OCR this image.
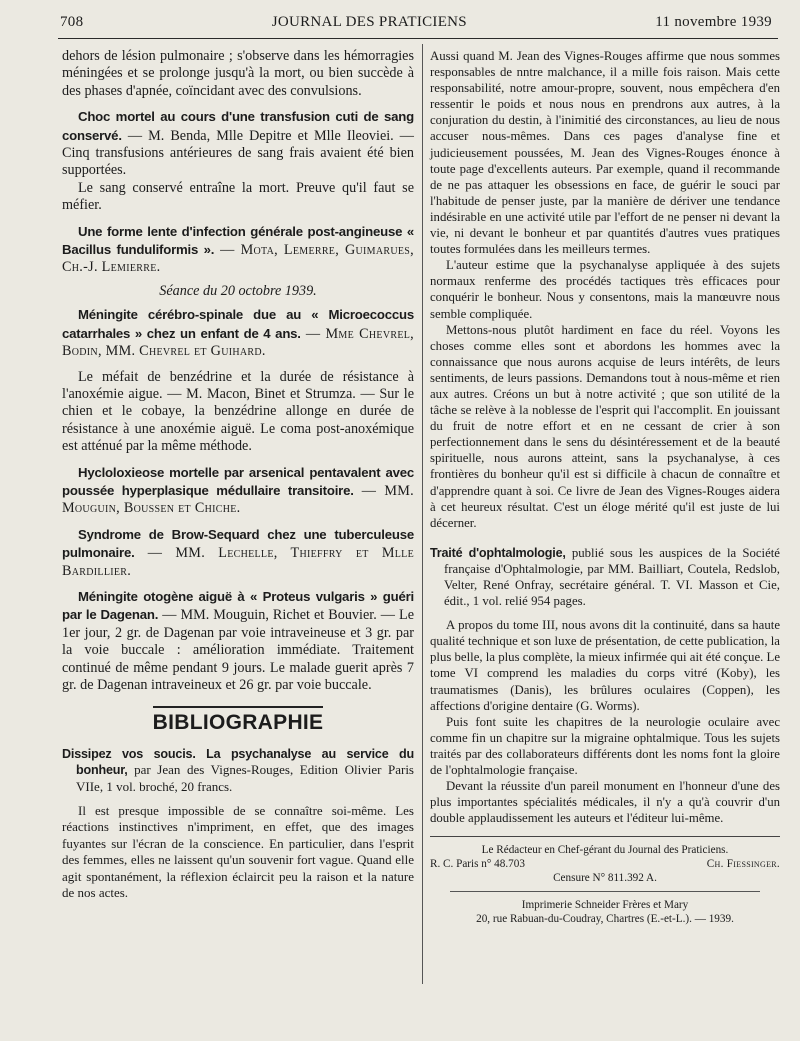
708	JOURNAL DES PRATICIENS	11 novembre 1939

dehors de lésion pulmonaire ; s'observe dans les hémorragies méningées et se prolonge jusqu'à la mort, ou bien succède à des phases d'apnée, coïncidant avec des convulsions.

Choc mortel au cours d'une transfusion cuti de sang conservé. — M. Benda, Mlle Depitre et Mlle Ileoviei. — Cinq transfusions antérieures de sang frais avaient été bien supportées.

Le sang conservé entraîne la mort. Preuve qu'il faut se méfier.

Une forme lente d'infection générale post-angineuse « Bacillus funduliformis ». — Mota, Lemerre, Guimarues, Ch.-J. Lemierre.

Séance du 20 octobre 1939.

Méningite cérébro-spinale due au « Microecoccus catarrhales » chez un enfant de 4 ans. — Mme Chevrel, Bodin, MM. Chevrel et Guihard.

Le méfait de benzédrine et la durée de résistance à l'anoxémie aigue. — M. Macon, Binet et Strumza. — Sur le chien et le cobaye, la benzédrine allonge en durée de résistance à une anoxémie aiguë. Le coma post-anoxémique est atténué par la même méthode.

Hycloloxieose mortelle par arsenical pentavalent avec poussée hyperplasique médullaire transitoire. — MM. Mouguin, Boussen et Chiche.

Syndrome de Brow-Sequard chez une tuberculeuse pulmonaire. — MM. Lechelle, Thieffry et Mlle Bardillier.

Méningite otogène aiguë à « Proteus vulgaris » guéri par le Dagenan. — MM. Mouguin, Richet et Bouvier. — Le 1er jour, 2 gr. de Dagenan par voie intraveineuse et 3 gr. par la voie buccale : amélioration immédiate. Traitement continué de même pendant 9 jours. Le malade guerit après 7 gr. de Dagenan intraveineux et 26 gr. par voie buccale.

BIBLIOGRAPHIE

Dissipez vos soucis. La psychanalyse au service du bonheur, par Jean des Vignes-Rouges, Edition Olivier Paris VIIe, 1 vol. broché, 20 francs.

Il est presque impossible de se connaître soi-même. Les réactions instinctives n'impriment, en effet, que des images fuyantes sur l'écran de la conscience. En particulier, dans l'esprit des femmes, elles ne laissent qu'un souvenir fort vague. Quand elle agit spontanément, la réflexion éclaircit peu la raison et la nature de nos actes.

Aussi quand M. Jean des Vignes-Rouges affirme que nous sommes responsables de nntre malchance, il a mille fois raison. Mais cette responsabilité, notre amour-propre, souvent, nous empêchera d'en ressentir le poids et nous nous en prendrons aux autres, à la conjuration du destin, à l'inimitié des circonstances, au lieu de nous accuser nous-mêmes. Dans ces pages d'analyse fine et judicieusement poussées, M. Jean des Vignes-Rouges énonce à toute page d'excellents auteurs. Par exemple, quand il recommande de ne pas attaquer les obsessions en face, de guérir le souci par l'habitude de penser juste, par la manière de dériver une tendance indésirable en une activité utile par l'effort de ne penser ni devant la vie, ni devant le bonheur et par quantités d'autres vues pratiques toutes formulées dans les meilleurs termes.

L'auteur estime que la psychanalyse appliquée à des sujets normaux renferme des procédés tactiques très efficaces pour conquérir le bonheur. Nous y consentons, mais la manœuvre nous semble compliquée.

Mettons-nous plutôt hardiment en face du réel. Voyons les choses comme elles sont et abordons les hommes avec la connaissance que nous aurons acquise de leurs intérêts, de leurs sentiments, de leurs passions. Demandons tout à nous-même et rien aux autres. Créons un but à notre activité ; que son utilité de la tâche se relève à la noblesse de l'esprit qui l'accomplit. En jouissant du fruit de notre effort et en ne cessant de crier à son perfectionnement dans le sens du désintéressement et de la beauté spirituelle, nous aurons atteint, sans la psychanalyse, à ces frontières du bonheur qu'il est si difficile à chacun de connaître et d'apprendre quant à soi. Ce livre de Jean des Vignes-Rouges aidera à cet heureux résultat. C'est un éloge mérité qu'il est juste de lui décerner.

Traité d'ophtalmologie, publié sous les auspices de la Société française d'Ophtalmologie, par MM. Bailliart, Coutela, Redslob, Velter, René Onfray, secrétaire général. T. VI. Masson et Cie, édit., 1 vol. relié 954 pages.

A propos du tome III, nous avons dit la continuité, dans sa haute qualité technique et son luxe de présentation, de cette publication, la plus belle, la plus complète, la mieux infirmée qui ait été conçue. Le tome VI comprend les maladies du corps vitré (Koby), les traumatismes (Danis), les brûlures oculaires (Coppen), les affections d'origine dentaire (G. Worms).

Puis font suite les chapitres de la neurologie oculaire avec comme fin un chapitre sur la migraine ophtalmique. Tous les sujets traités par des collaborateurs différents dont les noms font la gloire de l'ophtalmologie française.

Devant la réussite d'un pareil monument en l'honneur d'une des plus importantes spécialités médicales, il n'y a qu'à couvrir d'un double applaudissement les auteurs et l'éditeur lui-même.

Le Rédacteur en Chef-gérant du Journal des Praticiens.

R. C. Paris n° 48.703	Ch. Fiessinger.

Censure N° 811.392 A.

Imprimerie Schneider Frères et Mary

20, rue Rabuan-du-Coudray, Chartres (E.-et-L.). — 1939.
